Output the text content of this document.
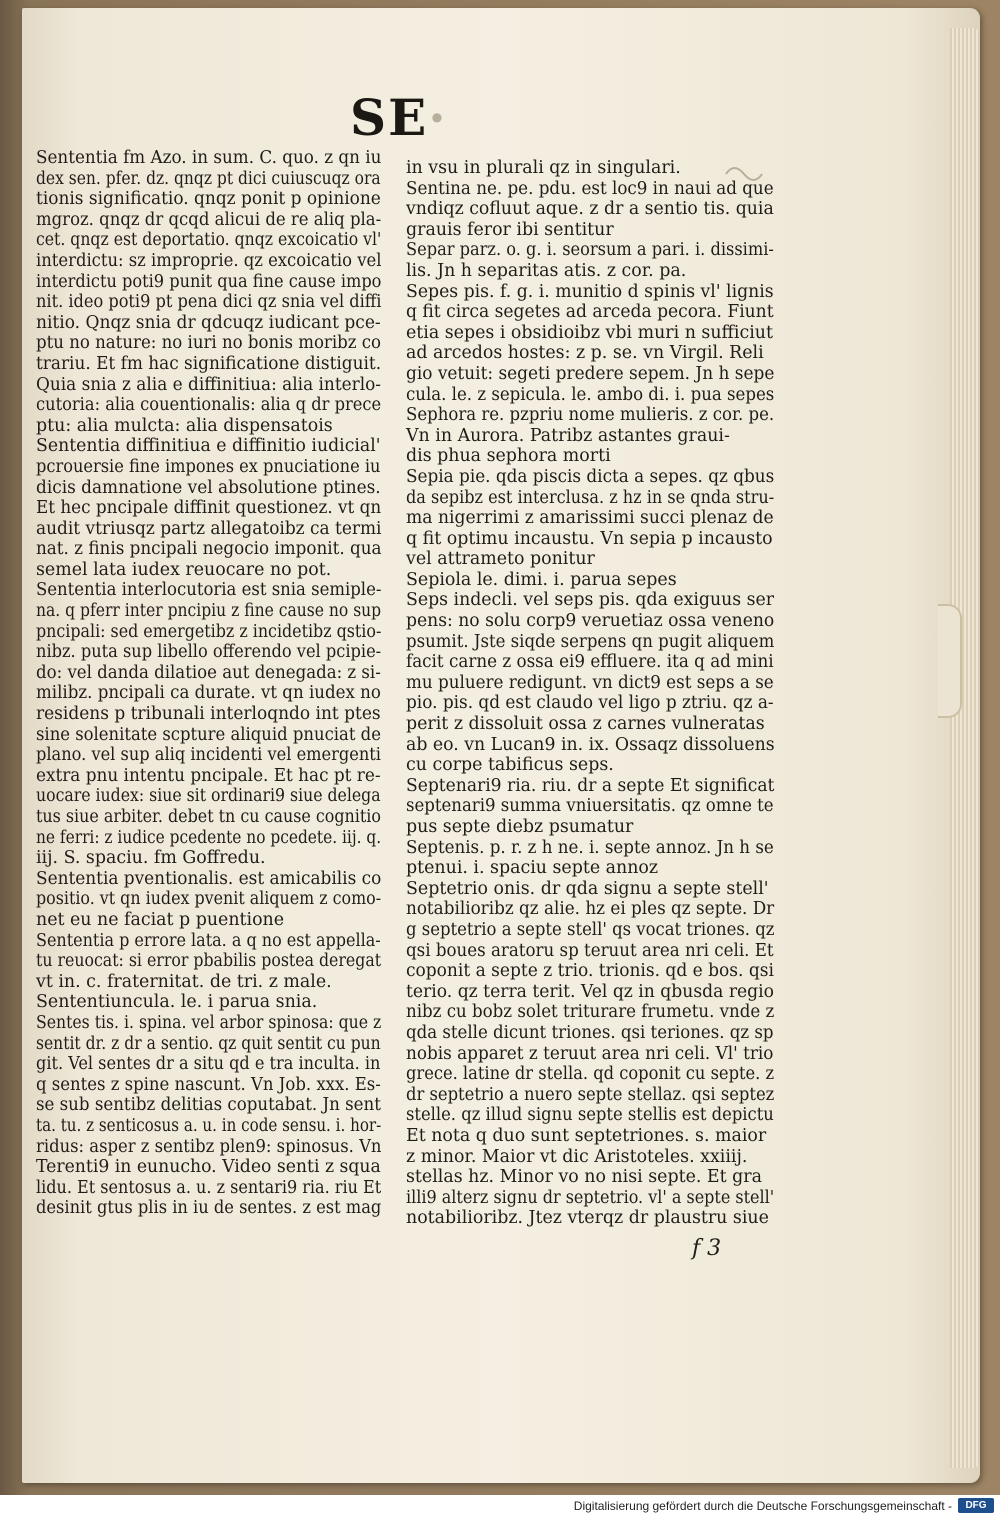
SE·
Sententia fm Azo. in sum. C. quo. z qn iu
dex sen. pfer. dz. qnqz pt dici cuiuscuqz ora
tionis significatio. qnqz ponit p opinione
mgroz. qnqz dr qcqd alicui de re aliq pla-
cet. qnqz est deportatio. qnqz excoicatio vl'
interdictu: sz improprie. qz excoicatio vel
interdictu poti9 punit qua fine cause impo
nit. ideo poti9 pt pena dici qz snia vel diffi
nitio. Qnqz snia dr qdcuqz iudicant pce-
ptu no nature: no iuri no bonis moribz co
trariu. Et fm hac significatione distiguit.
Quia snia z alia e diffinitiua: alia interlo-
cutoria: alia couentionalis: alia q dr prece
ptu: alia mulcta: alia dispensatois
Sententia diffinitiua e diffinitio iudicial'
pcrouersie fine impones ex pnuciatione iu
dicis damnatione vel absolutione ptines.
Et hec pncipale diffinit questionez. vt qn
audit vtriusqz partz allegatoibz ca termi
nat. z finis pncipali negocio imponit. qua
semel lata iudex reuocare no pot.
Sententia interlocutoria est snia semiple-
na. q pferr inter pncipiu z fine cause no sup
pncipali: sed emergetibz z incidetibz qstio-
nibz. puta sup libello offerendo vel pcipie-
do: vel danda dilatioe aut denegada: z si-
milibz. pncipali ca durate. vt qn iudex no
residens p tribunali interloqndo int ptes
sine solenitate scpture aliquid pnuciat de
plano. vel sup aliq incidenti vel emergenti
extra pnu intentu pncipale. Et hac pt re-
uocare iudex: siue sit ordinari9 siue delega
tus siue arbiter. debet tn cu cause cognitio
ne ferri: z iudice pcedente no pcedete. iij. q.
iij. S. spaciu. fm Goffredu.
Sententia pventionalis. est amicabilis co
positio. vt qn iudex pvenit aliquem z como-
net eu ne faciat p puentione
Sententia p errore lata. a q no est appella-
tu reuocat: si error pbabilis postea deregat
vt in. c. fraternitat. de tri. z male.
Sententiuncula. le. i parua snia.
Sentes tis. i. spina. vel arbor spinosa: que z
sentit dr. z dr a sentio. qz quit sentit cu pun
git. Vel sentes dr a situ qd e tra inculta. in
q sentes z spine nascunt. Vn Job. xxx. Es-
se sub sentibz delitias coputabat. Jn sent
ta. tu. z senticosus a. u. in code sensu. i. hor-
ridus: asper z sentibz plen9: spinosus. Vn
Terenti9 in eunucho. Video senti z squa
lidu. Et sentosus a. u. z sentari9 ria. riu Et
desinit gtus plis in iu de sentes. z est mag
in vsu in plurali qz in singulari.
Sentina ne. pe. pdu. est loc9 in naui ad que
vndiqz cofluut aque. z dr a sentio tis. quia
grauis feror ibi sentitur
Separ parz. o. g. i. seorsum a pari. i. dissimi-
lis. Jn h separitas atis. z cor. pa.
Sepes pis. f. g. i. munitio d spinis vl' lignis
q fit circa segetes ad arceda pecora. Fiunt
etia sepes i obsidioibz vbi muri n sufficiut
ad arcedos hostes: z p. se. vn Virgil. Reli
gio vetuit: segeti predere sepem. Jn h sepe
cula. le. z sepicula. le. ambo di. i. pua sepes
Sephora re. pzpriu nome mulieris. z cor. pe.
Vn in Aurora. Patribz astantes graui-
dis phua sephora morti
Sepia pie. qda piscis dicta a sepes. qz qbus
da sepibz est interclusa. z hz in se qnda stru-
ma nigerrimi z amarissimi succi plenaz de
q fit optimu incaustu. Vn sepia p incausto
vel attrameto ponitur
Sepiola le. dimi. i. parua sepes
Seps indecli. vel seps pis. qda exiguus ser
pens: no solu corp9 veruetiaz ossa veneno
psumit. Jste siqde serpens qn pugit aliquem
facit carne z ossa ei9 effluere. ita q ad mini
mu puluere redigunt. vn dict9 est seps a se
pio. pis. qd est claudo vel ligo p ztriu. qz a-
perit z dissoluit ossa z carnes vulneratas
ab eo. vn Lucan9 in. ix. Ossaqz dissoluens
cu corpe tabificus seps.
Septenari9 ria. riu. dr a septe Et significat
septenari9 summa vniuersitatis. qz omne te
pus septe diebz psumatur
Septenis. p. r. z h ne. i. septe annoz. Jn h se
ptenui. i. spaciu septe annoz
Septetrio onis. dr qda signu a septe stell'
notabilioribz qz alie. hz ei ples qz septe. Dr
g septetrio a septe stell' qs vocat triones. qz
qsi boues aratoru sp teruut area nri celi. Et
coponit a septe z trio. trionis. qd e bos. qsi
terio. qz terra terit. Vel qz in qbusda regio
nibz cu bobz solet triturare frumetu. vnde z
qda stelle dicunt triones. qsi teriones. qz sp
nobis apparet z teruut area nri celi. Vl' trio
grece. latine dr stella. qd coponit cu septe. z
dr septetrio a nuero septe stellaz. qsi septez
stelle. qz illud signu septe stellis est depictu
Et nota q duo sunt septetriones. s. maior
z minor. Maior vt dic Aristoteles. xxiiij.
stellas hz. Minor vo no nisi septe. Et gra
illi9 alterz signu dr septetrio. vl' a septe stell'
notabilioribz. Jtez vterqz dr plaustru siue
f 3
Digitalisierung gefördert durch die Deutsche Forschungsgemeinschaft -	DFG
